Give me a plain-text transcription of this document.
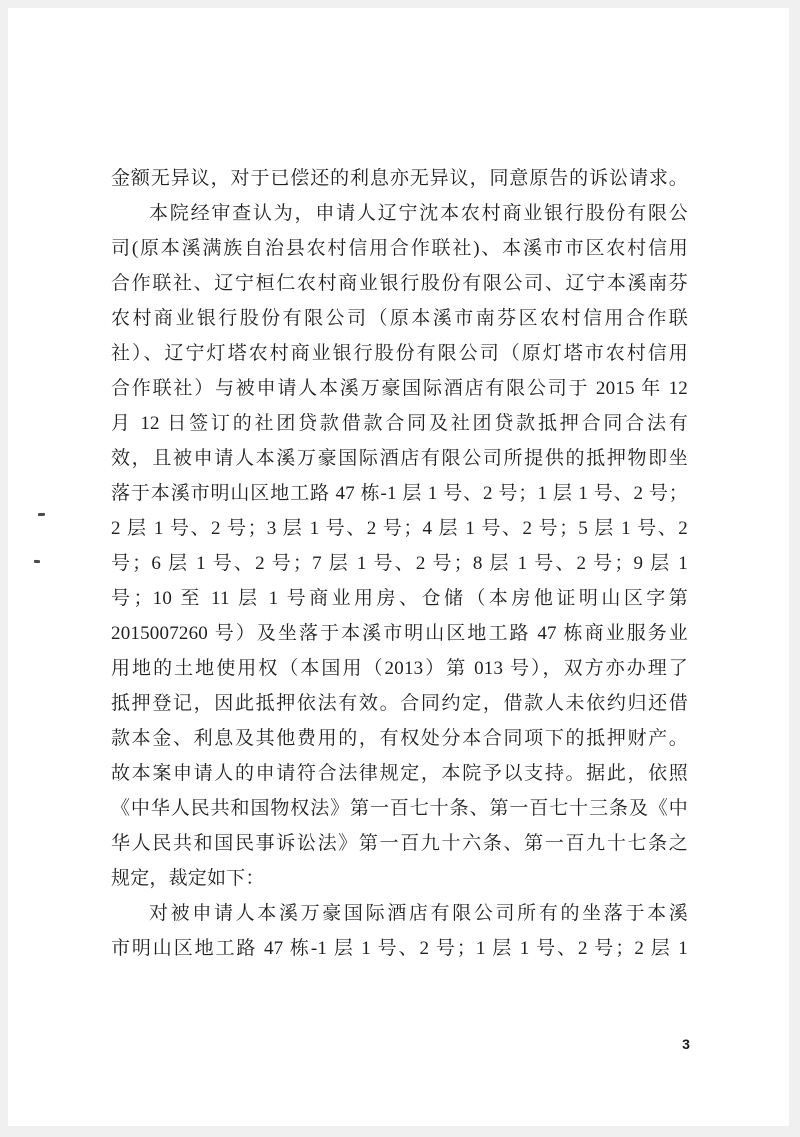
金额无异议，对于已偿还的利息亦无异议，同意原告的诉讼请求。
本院经审查认为，申请人辽宁沈本农村商业银行股份有限公
司(原本溪满族自治县农村信用合作联社)、本溪市市区农村信用
合作联社、辽宁桓仁农村商业银行股份有限公司、辽宁本溪南芬
农村商业银行股份有限公司（原本溪市南芬区农村信用合作联
社）、辽宁灯塔农村商业银行股份有限公司（原灯塔市农村信用
合作联社）与被申请人本溪万豪国际酒店有限公司于 2015 年 12
月 12 日签订的社团贷款借款合同及社团贷款抵押合同合法有
效，且被申请人本溪万豪国际酒店有限公司所提供的抵押物即坐
落于本溪市明山区地工路 47 栋-1 层 1 号、2 号；1 层 1 号、2 号；
2 层 1 号、2 号；3 层 1 号、2 号；4 层 1 号、2 号；5 层 1 号、2
号；6 层 1 号、2 号；7 层 1 号、2 号；8 层 1 号、2 号；9 层 1
号；10 至 11 层 1 号商业用房、仓储（本房他证明山区字第
2015007260 号）及坐落于本溪市明山区地工路 47 栋商业服务业
用地的土地使用权（本国用（2013）第 013 号），双方亦办理了
抵押登记，因此抵押依法有效。合同约定，借款人未依约归还借
款本金、利息及其他费用的，有权处分本合同项下的抵押财产。
故本案申请人的申请符合法律规定，本院予以支持。据此，依照
《中华人民共和国物权法》第一百七十条、第一百七十三条及《中
华人民共和国民事诉讼法》第一百九十六条、第一百九十七条之
规定，裁定如下：
对被申请人本溪万豪国际酒店有限公司所有的坐落于本溪
市明山区地工路 47 栋-1 层 1 号、2 号；1 层 1 号、2 号；2 层 1
3
